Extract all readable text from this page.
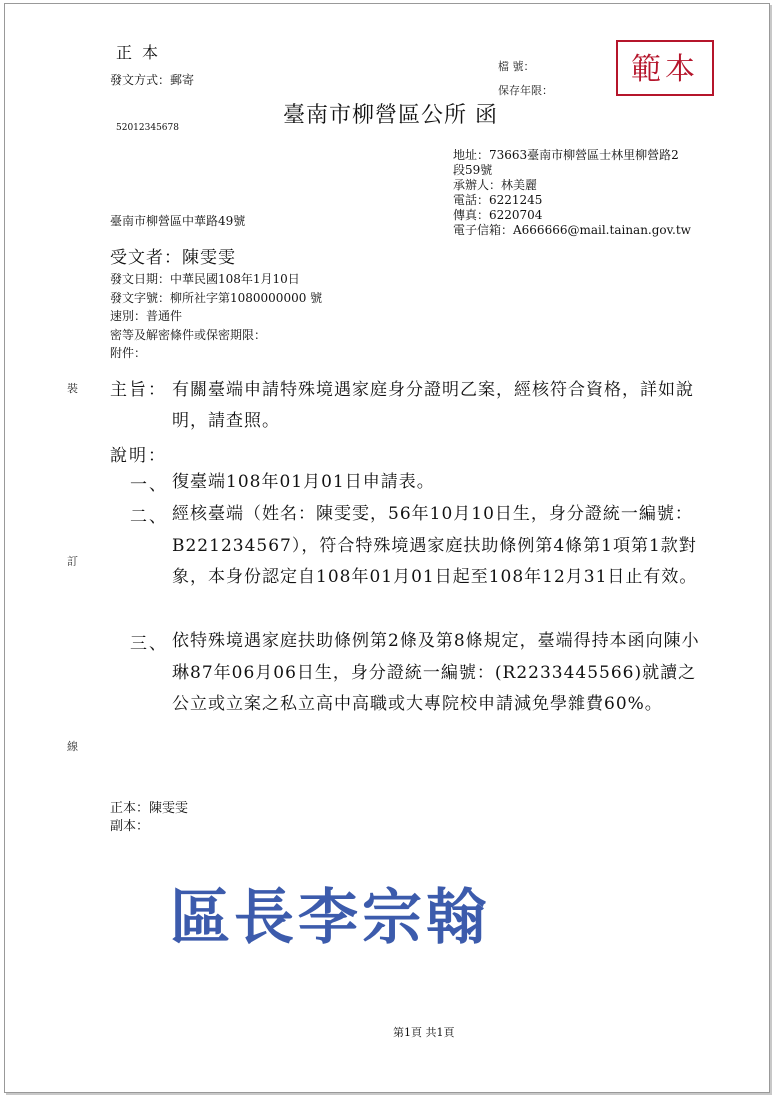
正本
發文方式：郵寄
檔 號：
保存年限：
範本
臺南市柳營區公所 函
52012345678
地址：73663臺南市柳營區士林里柳營路2
段59號
承辦人：林美麗
電話：6221245
傳真：6220704
電子信箱：A666666@mail.tainan.gov.tw
臺南市柳營區中華路49號
受文者：陳雯雯
發文日期：中華民國108年1月10日
發文字號：柳所社字第1080000000 號
速別：普通件
密等及解密條件或保密期限：
附件：
裝
訂
線
主旨： 有關臺端申請特殊境遇家庭身分證明乙案，經核符合資格，詳如說明，請查照。
說明：
一、 復臺端108年01月01日申請表。
二、 經核臺端（姓名：陳雯雯，56年10月10日生，身分證統一編號：B221234567），符合特殊境遇家庭扶助條例第4條第1項第1款對象，本身份認定自108年01月01日起至108年12月31日止有效。
三、 依特殊境遇家庭扶助條例第2條及第8條規定，臺端得持本函向陳小琳87年06月06日生，身分證統一編號：(R2233445566)就讀之公立或立案之私立高中高職或大專院校申請減免學雜費60%。
正本：陳雯雯
副本：
區長李宗翰
第1頁 共1頁
